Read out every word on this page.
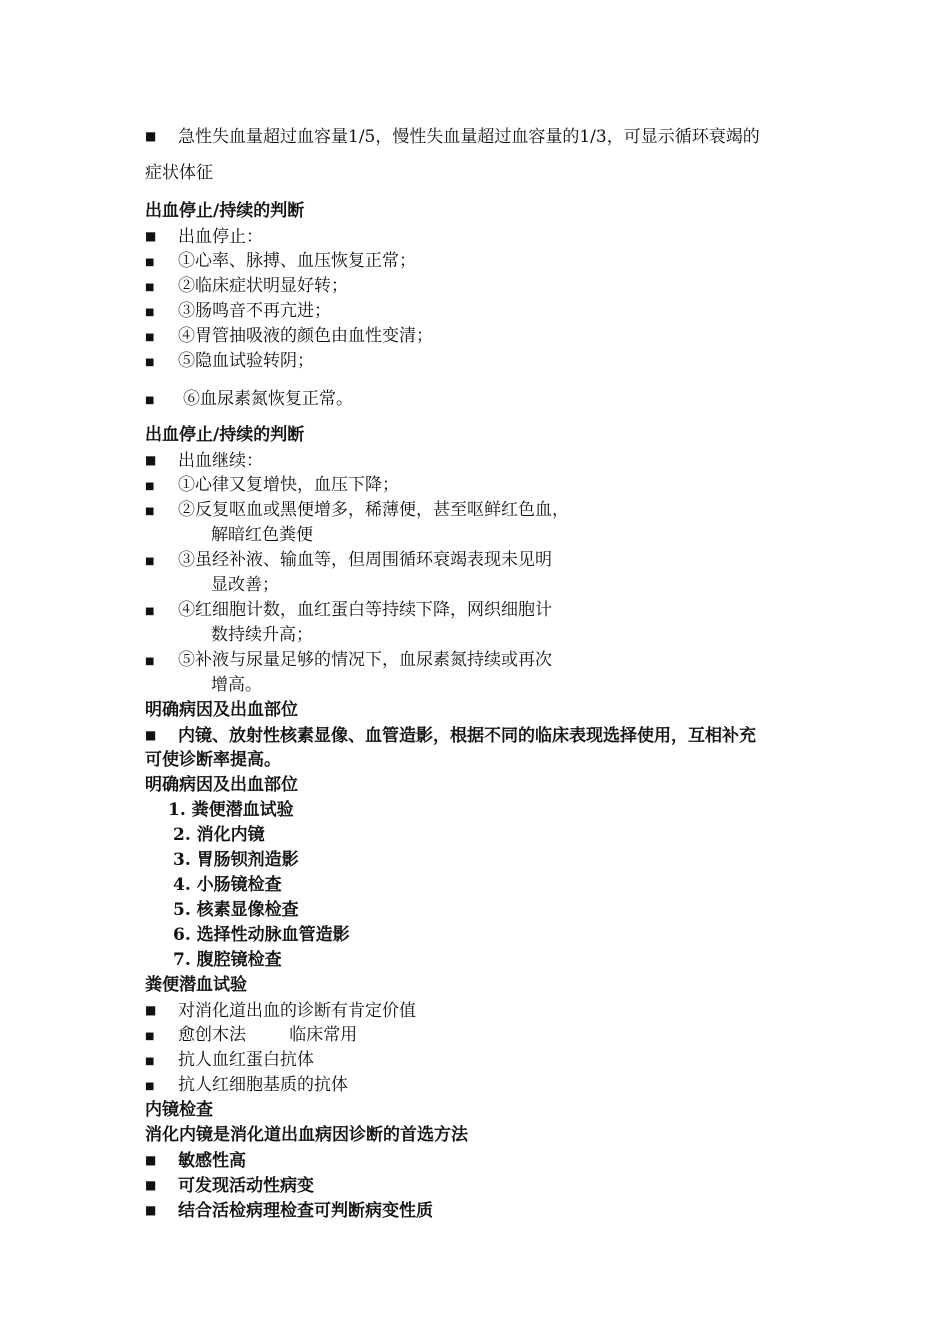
■ 急性失血量超过血容量1/5，慢性失血量超过血容量的1/3，可显示循环衰竭的
症状体征
出血停止/持续的判断
■ 出血停止：
■ ①心率、脉搏、血压恢复正常；
■ ②临床症状明显好转；
■ ③肠鸣音不再亢进；
■ ④胃管抽吸液的颜色由血性变清；
■ ⑤隐血试验转阴；
■ ⑥血尿素氮恢复正常。
出血停止/持续的判断
■ 出血继续：
■ ①心律又复增快，血压下降；
■ ②反复呕血或黑便增多，稀薄便，甚至呕鲜红色血，
解暗红色粪便
■ ③虽经补液、输血等，但周围循环衰竭表现未见明
显改善；
■ ④红细胞计数，血红蛋白等持续下降，网织细胞计
数持续升高；
■ ⑤补液与尿量足够的情况下，血尿素氮持续或再次
增高。
明确病因及出血部位
■ 内镜、放射性核素显像、血管造影，根据不同的临床表现选择使用，互相补充
可使诊断率提高。
明确病因及出血部位
1. 粪便潜血试验
2. 消化内镜
3. 胃肠钡剂造影
4. 小肠镜检查
5. 核素显像检查
6. 选择性动脉血管造影
7. 腹腔镜检查
粪便潜血试验
■ 对消化道出血的诊断有肯定价值
■ 愈创木法        临床常用
■ 抗人血红蛋白抗体
■ 抗人红细胞基质的抗体
内镜检查
消化内镜是消化道出血病因诊断的首选方法
■ 敏感性高
■ 可发现活动性病变
■ 结合活检病理检查可判断病变性质
